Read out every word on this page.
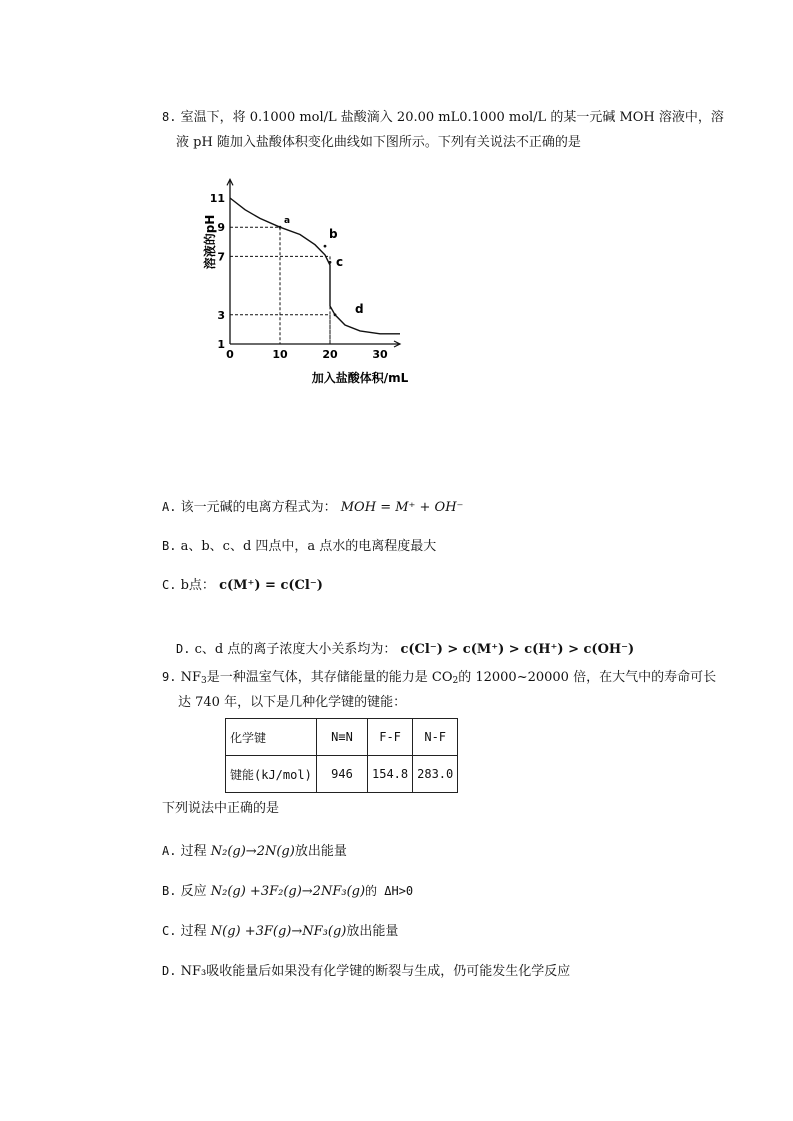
8. 室温下，将 0.1000 mol/L 盐酸滴入 20.00 mL0.1000 mol/L 的某一元碱 MOH 溶液中，溶
液 pH 随加入盐酸体积变化曲线如下图所示。下列有关说法不正确的是
0	10	20	30
1
3
7
9
11
a
b
c
d
溶液的pH
加入盐酸体积/mL
A. 该一元碱的电离方程式为： MOH = M⁺ + OH⁻
B. a、b、c、d 四点中，a 点水的电离程度最大
C. b点： c(M⁺) = c(Cl⁻)
D. c、d 点的离子浓度大小关系均为： c(Cl⁻) > c(M⁺) > c(H⁺) > c(OH⁻)
9. $NF_3$是一种温室气体，其存储能量的能力是 $CO_2$的 12000~20000 倍，在大气中的寿命可长
达 740 年，以下是几种化学键的键能：
化学键	N≡N	F-F	N-F
键能(kJ/mol)	946	154.8	283.0
下列说法中正确的是
A. 过程 N₂(g)→2N(g)放出能量
B. 反应 N₂(g) +3F₂(g)→2NF₃(g)的 ΔH>0
C. 过程 N(g) +3F(g)→NF₃(g)放出能量
D. NF₃吸收能量后如果没有化学键的断裂与生成，仍可能发生化学反应
